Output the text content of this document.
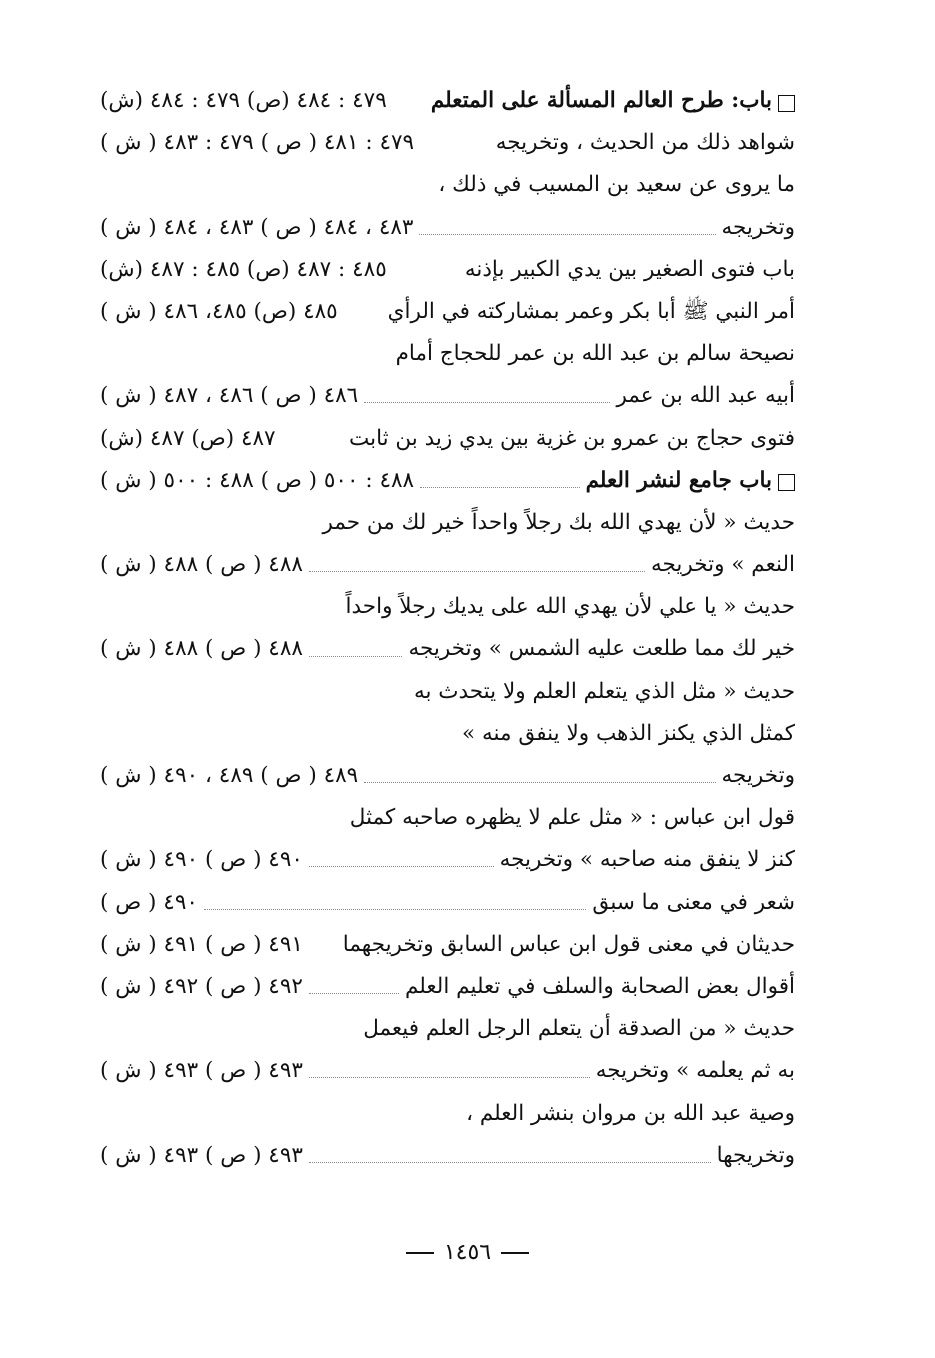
باب: طرح العالم المسألة على المتعلم
٤٧٩ : ٤٨٤ (ص) ٤٧٩ : ٤٨٤ (ش)
شواهد ذلك من الحديث ، وتخريجه
٤٧٩ : ٤٨١ ( ص ) ٤٧٩ : ٤٨٣ ( ش )
ما يروى عن سعيد بن المسيب في ذلك ،
وتخريجه
٤٨٣ ، ٤٨٤ ( ص ) ٤٨٣ ، ٤٨٤ ( ش )
باب فتوى الصغير بين يدي الكبير بإذنه
٤٨٥ : ٤٨٧ (ص) ٤٨٥ : ٤٨٧ (ش)
أمر النبي ﷺ أبا بكر وعمر بمشاركته في الرأي
٤٨٥ (ص) ٤٨٥، ٤٨٦ ( ش )
نصيحة سالم بن عبد الله بن عمر للحجاج أمام
أبيه عبد الله بن عمر
٤٨٦ ( ص ) ٤٨٦ ، ٤٨٧ ( ش )
فتوى حجاج بن عمرو بن غزية بين يدي زيد بن ثابت
٤٨٧ (ص) ٤٨٧ (ش)
باب جامع لنشر العلم
٤٨٨ : ٥٠٠ ( ص ) ٤٨٨ : ٥٠٠ ( ش )
حديث « لأن يهدي الله بك رجلاً واحداً خير لك من حمر
النعم » وتخريجه
٤٨٨ ( ص ) ٤٨٨ ( ش )
حديث « يا علي لأن يهدي الله على يديك رجلاً واحداً
خير لك مما طلعت عليه الشمس » وتخريجه
٤٨٨ ( ص ) ٤٨٨ ( ش )
حديث « مثل الذي يتعلم العلم ولا يتحدث به
كمثل الذي يكنز الذهب ولا ينفق منه »
وتخريجه
٤٨٩ ( ص ) ٤٨٩ ، ٤٩٠ ( ش )
قول ابن عباس : « مثل علم لا يظهره صاحبه كمثل
كنز لا ينفق منه صاحبه » وتخريجه
٤٩٠ ( ص ) ٤٩٠ ( ش )
شعر في معنى ما سبق
٤٩٠ ( ص )
حديثان في معنى قول ابن عباس السابق وتخريجهما
٤٩١ ( ص ) ٤٩١ ( ش )
أقوال بعض الصحابة والسلف في تعليم العلم
٤٩٢ ( ص ) ٤٩٢ ( ش )
حديث « من الصدقة أن يتعلم الرجل العلم فيعمل
به ثم يعلمه » وتخريجه
٤٩٣ ( ص ) ٤٩٣ ( ش )
وصية عبد الله بن مروان بنشر العلم ،
وتخريجها
٤٩٣ ( ص ) ٤٩٣ ( ش )
١٤٥٦
